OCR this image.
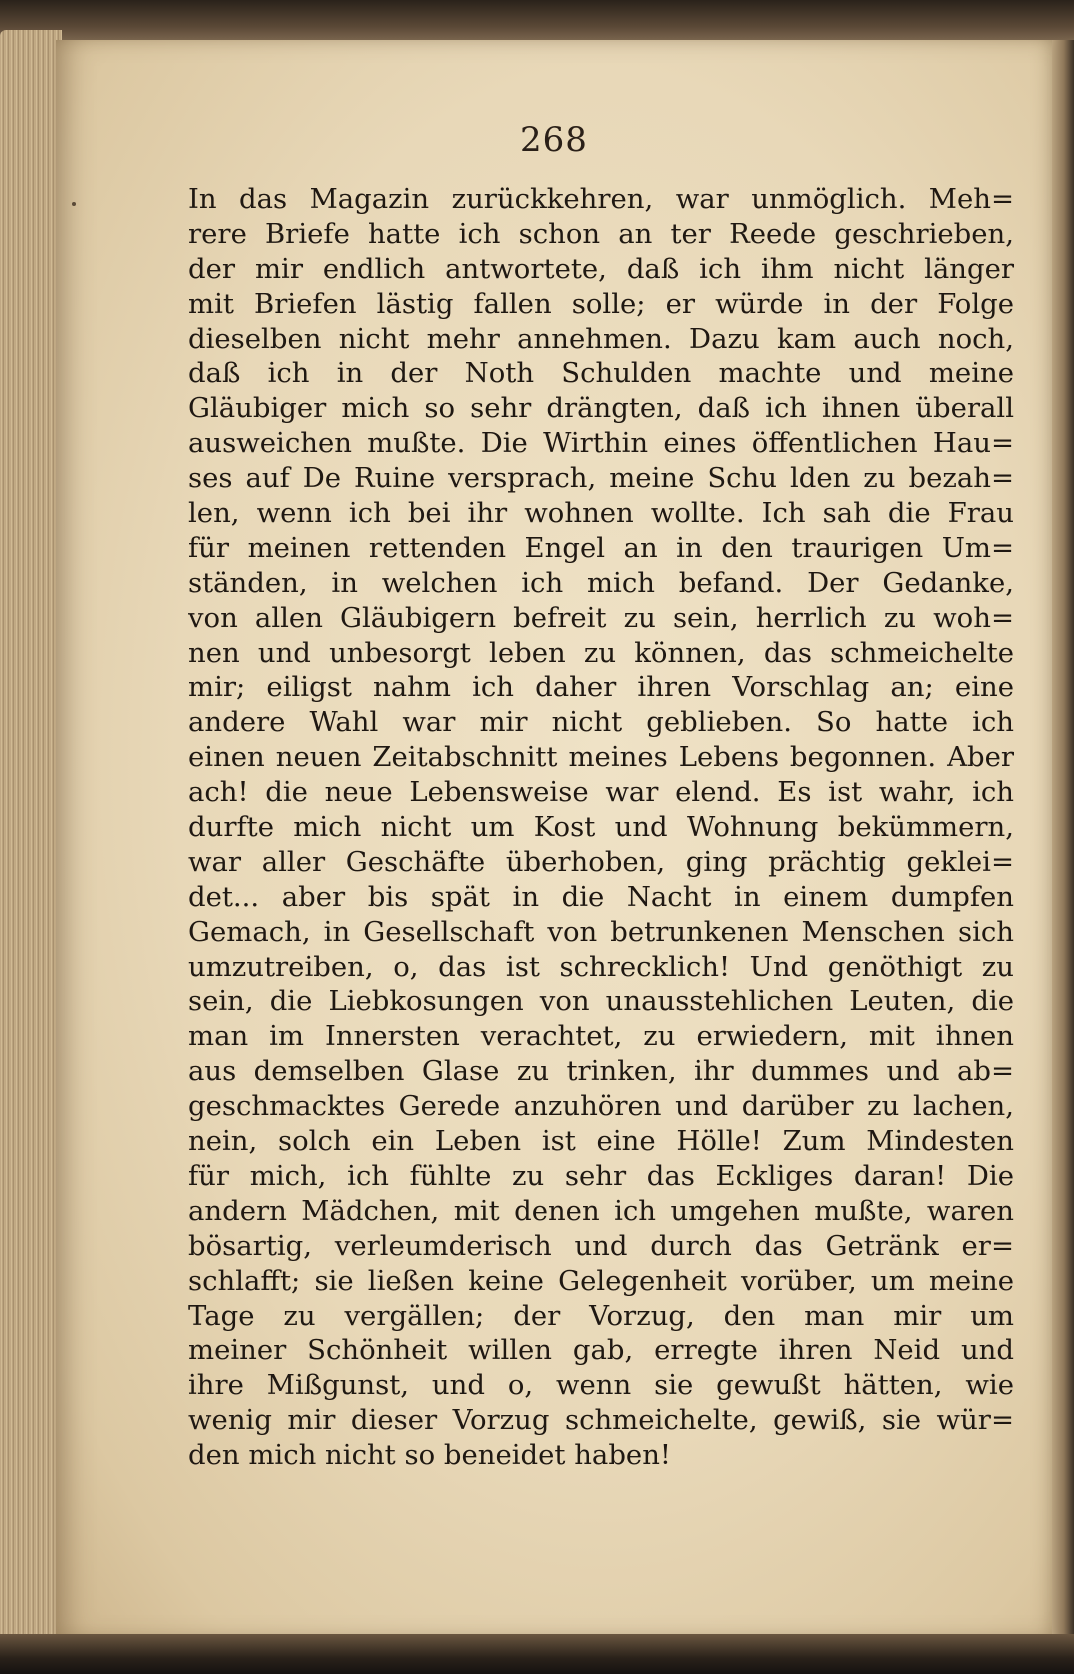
268
In das Magazin zurückkehren, war unmöglich. Meh=
rere Briefe hatte ich schon an ter Reede geschrieben,
der mir endlich antwortete, daß ich ihm nicht länger
mit Briefen lästig fallen solle; er würde in der Folge
dieselben nicht mehr annehmen. Dazu kam auch noch,
daß ich in der Noth Schulden machte und meine
Gläubiger mich so sehr drängten, daß ich ihnen überall
ausweichen mußte. Die Wirthin eines öffentlichen Hau=
ses auf De Ruine versprach, meine Schu lden zu bezah=
len, wenn ich bei ihr wohnen wollte. Ich sah die Frau
für meinen rettenden Engel an in den traurigen Um=
ständen, in welchen ich mich befand. Der Gedanke,
von allen Gläubigern befreit zu sein, herrlich zu woh=
nen und unbesorgt leben zu können, das schmeichelte
mir; eiligst nahm ich daher ihren Vorschlag an; eine
andere Wahl war mir nicht geblieben. So hatte ich
einen neuen Zeitabschnitt meines Lebens begonnen. Aber
ach! die neue Lebensweise war elend. Es ist wahr, ich
durfte mich nicht um Kost und Wohnung bekümmern,
war aller Geschäfte überhoben, ging prächtig geklei=
det... aber bis spät in die Nacht in einem dumpfen
Gemach, in Gesellschaft von betrunkenen Menschen sich
umzutreiben, o, das ist schrecklich! Und genöthigt zu
sein, die Liebkosungen von unausstehlichen Leuten, die
man im Innersten verachtet, zu erwiedern, mit ihnen
aus demselben Glase zu trinken, ihr dummes und ab=
geschmacktes Gerede anzuhören und darüber zu lachen,
nein, solch ein Leben ist eine Hölle! Zum Mindesten
für mich, ich fühlte zu sehr das Eckliges daran! Die
andern Mädchen, mit denen ich umgehen mußte, waren
bösartig, verleumderisch und durch das Getränk er=
schlafft; sie ließen keine Gelegenheit vorüber, um meine
Tage zu vergällen; der Vorzug, den man mir um
meiner Schönheit willen gab, erregte ihren Neid und
ihre Mißgunst, und o, wenn sie gewußt hätten, wie
wenig mir dieser Vorzug schmeichelte, gewiß, sie wür=
den mich nicht so beneidet haben!
